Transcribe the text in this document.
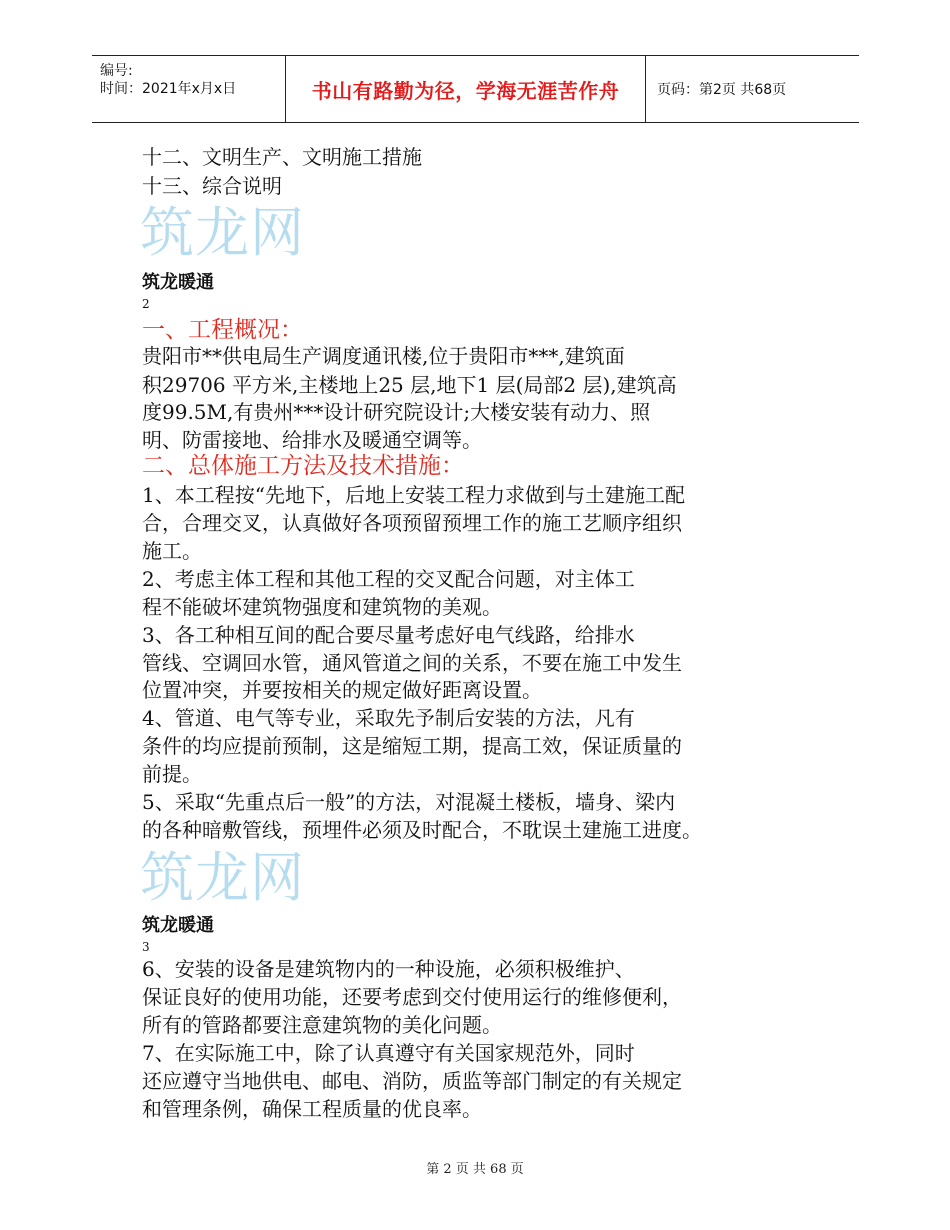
编号:
时间：2021年x月x日	书山有路勤为径，学海无涯苦作舟	页码：第2页 共68页
十二、文明生产、文明施工措施
十三、综合说明
筑龙网
筑龙暖通
2
一、工程概况：
贵阳市**供电局生产调度通讯楼,位于贵阳市***,建筑面
积29706 平方米,主楼地上25 层,地下1 层(局部2 层),建筑高
度99.5M,有贵州***设计研究院设计;大楼安装有动力、照
明、防雷接地、给排水及暖通空调等。
二、总体施工方法及技术措施：
1、本工程按“先地下，后地上安装工程力求做到与土建施工配
合，合理交叉，认真做好各项预留预埋工作的施工艺顺序组织
施工。
2、考虑主体工程和其他工程的交叉配合问题，对主体工
程不能破坏建筑物强度和建筑物的美观。
3、各工种相互间的配合要尽量考虑好电气线路，给排水
管线、空调回水管，通风管道之间的关系，不要在施工中发生
位置冲突，并要按相关的规定做好距离设置。
4、管道、电气等专业，采取先予制后安装的方法，凡有
条件的均应提前预制，这是缩短工期，提高工效，保证质量的
前提。
5、采取“先重点后一般”的方法，对混凝土楼板，墙身、梁内
的各种暗敷管线，预埋件必须及时配合，不耽误土建施工进度。
筑龙网
筑龙暖通
3
6、安装的设备是建筑物内的一种设施，必须积极维护、
保证良好的使用功能，还要考虑到交付使用运行的维修便利，
所有的管路都要注意建筑物的美化问题。
7、在实际施工中，除了认真遵守有关国家规范外，同时
还应遵守当地供电、邮电、消防，质监等部门制定的有关规定
和管理条例，确保工程质量的优良率。
第 2 页 共 68 页
